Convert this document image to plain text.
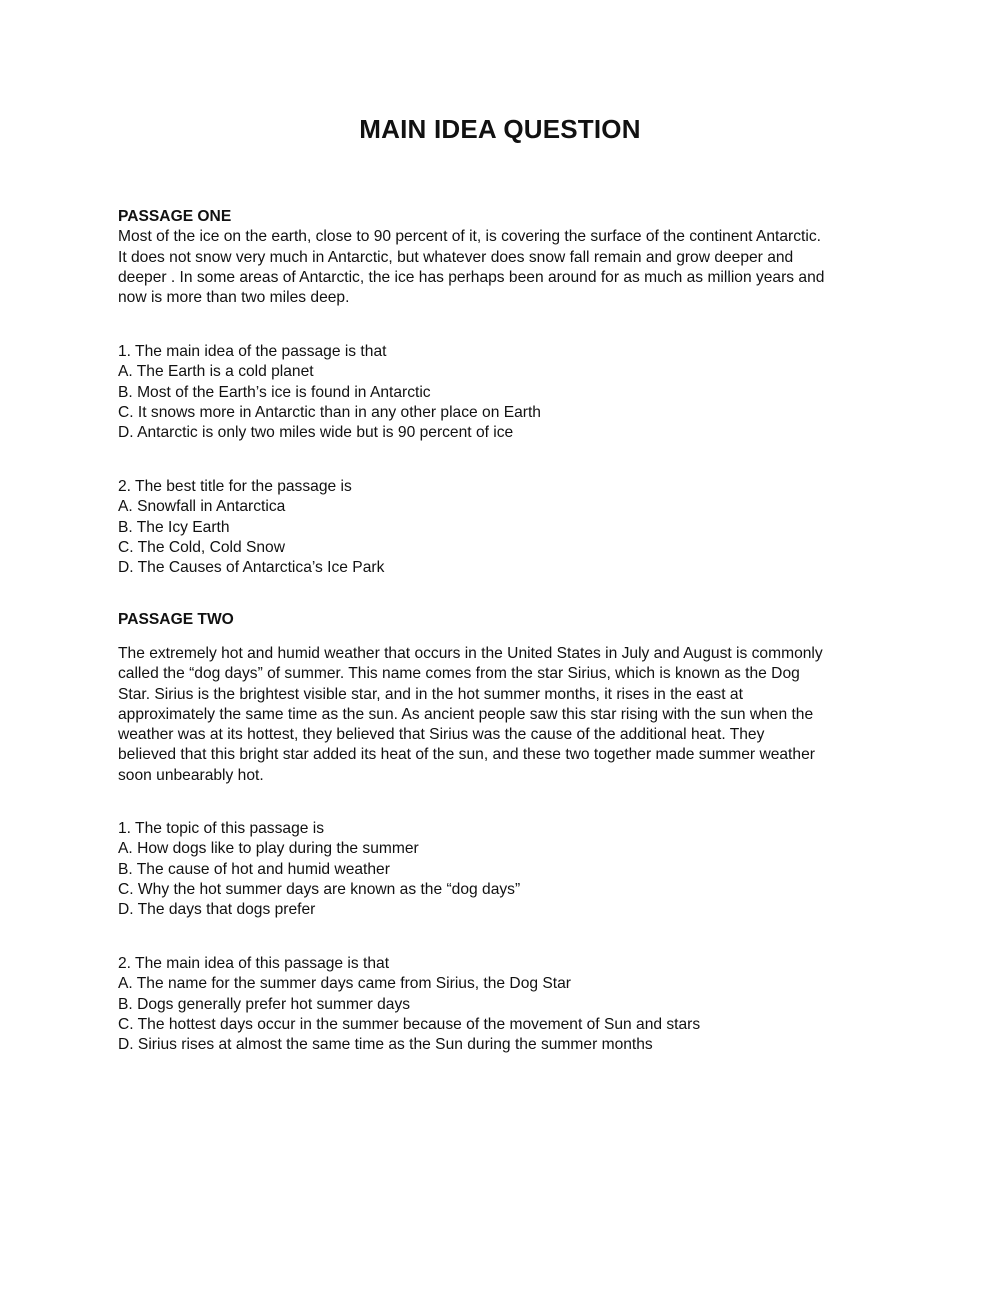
MAIN IDEA QUESTION
PASSAGE ONE
Most of the ice on the earth, close to 90 percent of it, is covering the surface of the continent Antarctic.
It does not snow very much in Antarctic, but whatever does snow fall remain and grow deeper and
deeper . In some areas of Antarctic, the ice has perhaps been around for as much as million years and
now is more than two miles deep.
1. The main idea of the passage is that
A. The Earth is a cold planet
B. Most of the Earth’s ice is found in Antarctic
C. It snows more in Antarctic than in any other place on Earth
D. Antarctic is only two miles wide but is 90 percent of ice
2. The best title for the passage is
A. Snowfall in Antarctica
B. The Icy Earth
C. The Cold, Cold Snow
D. The Causes of Antarctica’s Ice Park
PASSAGE TWO
The extremely hot and humid weather that occurs in the United States in July and August is commonly
called the “dog days” of summer. This name comes from the star Sirius, which is known as the Dog
Star. Sirius is the brightest visible star, and in the hot summer months, it rises in the east at
approximately the same time as the sun. As ancient people saw this star rising with the sun when the
weather was at its hottest, they believed that Sirius was the cause of the additional heat. They
believed that this bright star added its heat of the sun, and these two together made summer weather
soon unbearably hot.
1. The topic of this passage is
A. How dogs like to play during the summer
B. The cause of hot and humid weather
C. Why the hot summer days are known as the “dog days”
D. The days that dogs prefer
2. The main idea of this passage is that
A. The name for the summer days came from Sirius, the Dog Star
B. Dogs generally prefer hot summer days
C. The hottest days occur in the summer because of the movement of Sun and stars
D. Sirius rises at almost the same time as the Sun during the summer months
